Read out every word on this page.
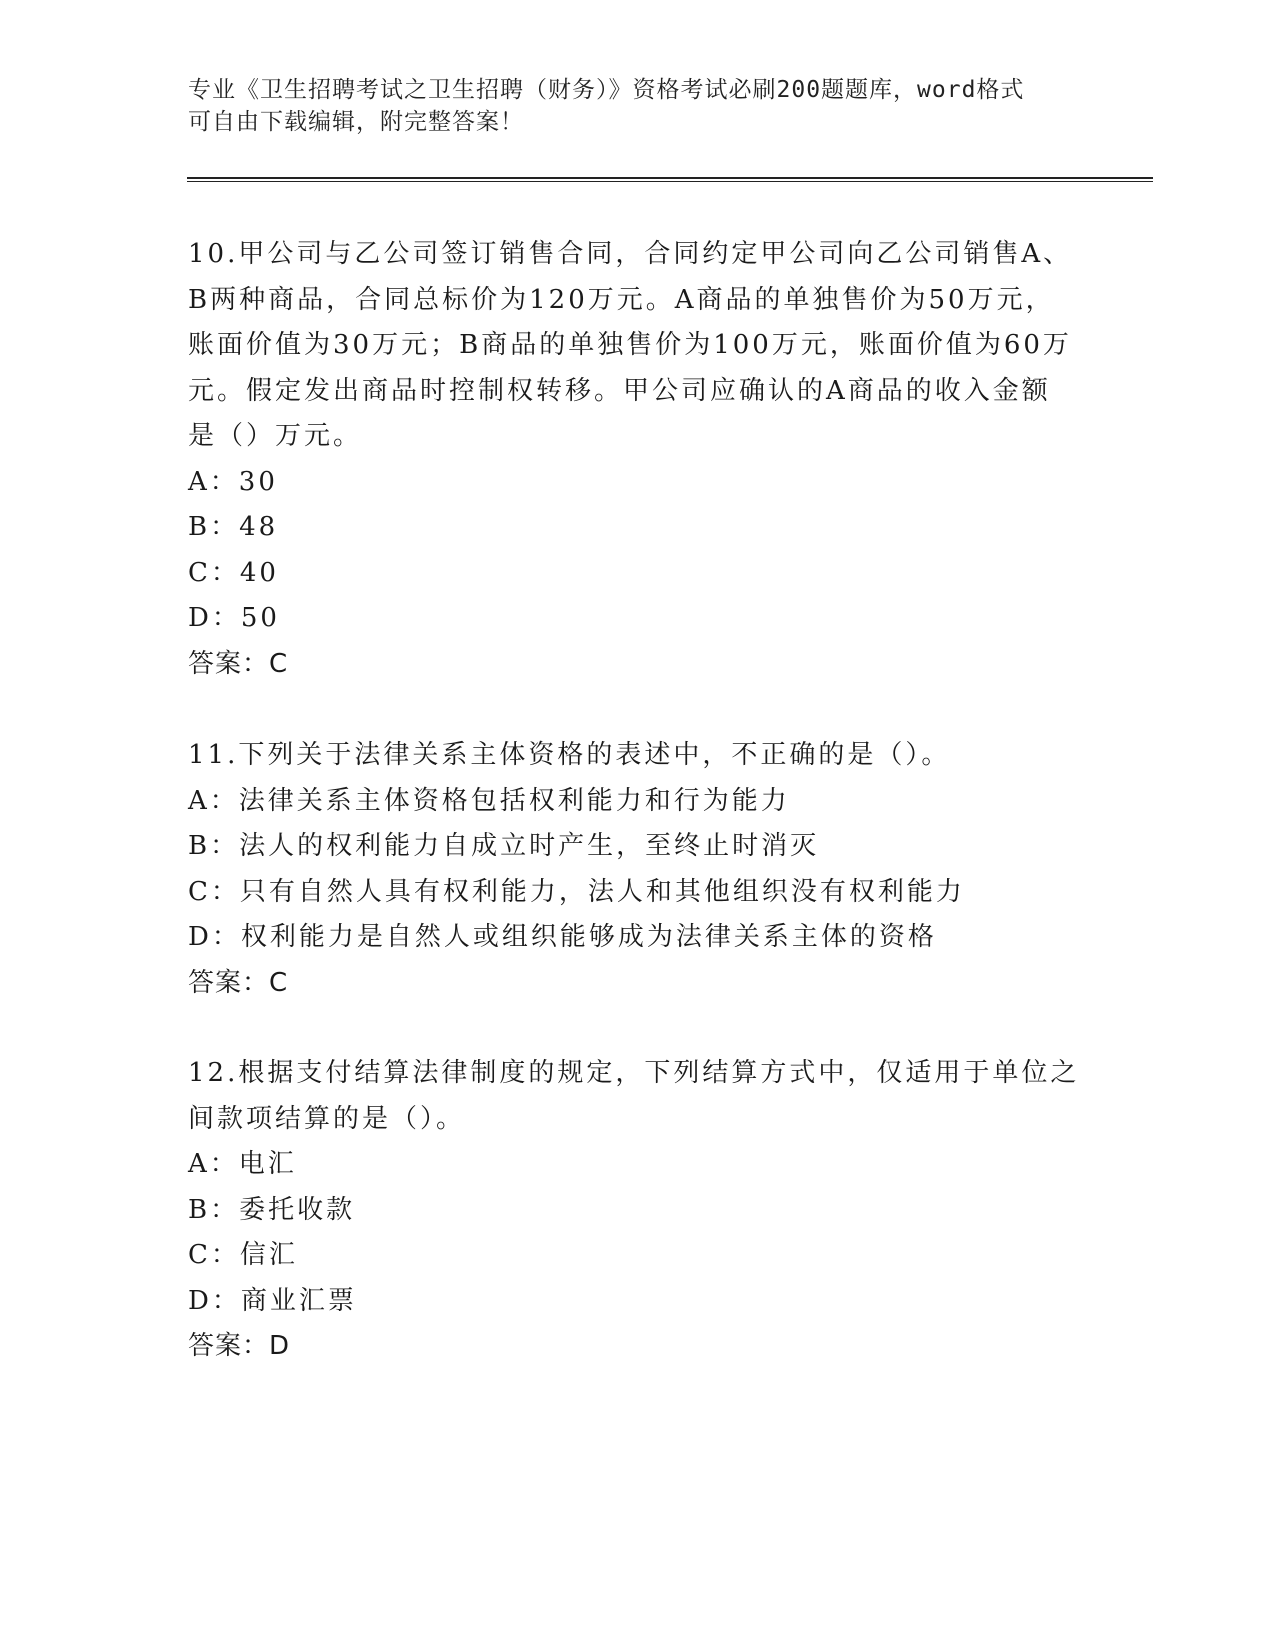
专业《卫生招聘考试之卫生招聘（财务）》资格考试必刷200题题库，word格式
可自由下载编辑，附完整答案！
10.甲公司与乙公司签订销售合同，合同约定甲公司向乙公司销售A、
B两种商品，合同总标价为120万元。A商品的单独售价为50万元，
账面价值为30万元；B商品的单独售价为100万元，账面价值为60万
元。假定发出商品时控制权转移。甲公司应确认的A商品的收入金额
是（）万元。
A：30
B：48
C：40
D：50
答案：C
11.下列关于法律关系主体资格的表述中，不正确的是（）。
A：法律关系主体资格包括权利能力和行为能力
B：法人的权利能力自成立时产生，至终止时消灭
C：只有自然人具有权利能力，法人和其他组织没有权利能力
D：权利能力是自然人或组织能够成为法律关系主体的资格
答案：C
12.根据支付结算法律制度的规定，下列结算方式中，仅适用于单位之
间款项结算的是（）。
A：电汇
B：委托收款
C：信汇
D：商业汇票
答案：D
